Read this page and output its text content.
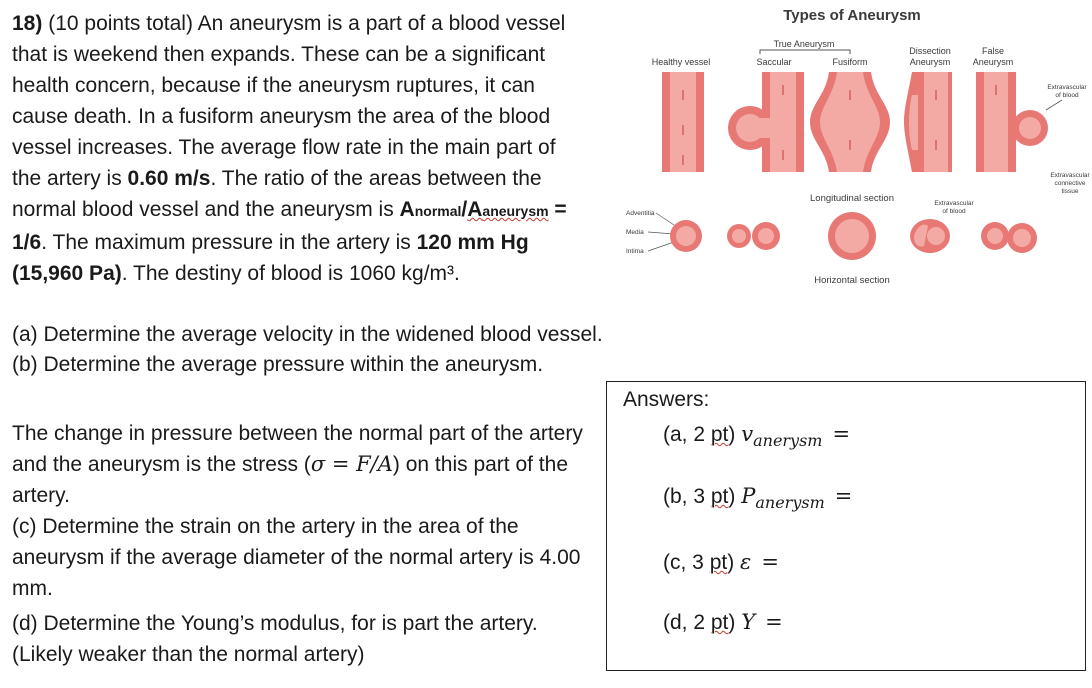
18) (10 points total) An aneurysm is a part of a blood vessel that is weekend then expands. These can be a significant health concern, because if the aneurysm ruptures, it can cause death. In a fusiform aneurysm the area of the blood vessel increases. The average flow rate in the main part of the artery is 0.60 m/s. The ratio of the areas between the normal blood vessel and the aneurysm is Anormal/Aaneurysm = 1/6. The maximum pressure in the artery is 120 mm Hg (15,960 Pa). The destiny of blood is 1060 kg/m³.
(a) Determine the average velocity in the widened blood vessel.
(b) Determine the average pressure within the aneurysm.

The change in pressure between the normal part of the artery and the aneurysm is the stress (σ = F/A) on this part of the artery.

(c) Determine the strain on the artery in the area of the aneurysm if the average diameter of the normal artery is 4.00 mm.

(d) Determine the Young’s modulus, for is part the artery. (Likely weaker than the normal artery)

Answers:
(a, 2 pt) $v_{anerysm}$ =
(b, 3 pt) $P_{anerysm}$ =
(c, 3 pt) ε =
(d, 2 pt) Y =
Types of Aneurysm
True Aneurysm
Healthy vessel	Saccular	Fusiform
Dissection
Aneurysm
False
Aneurysm
Extravascular
of blood
Extravascular
connective
tissue
Longitudinal section	Extravascular
of blood
Adventitia
Media
Intima
Horizontal section
